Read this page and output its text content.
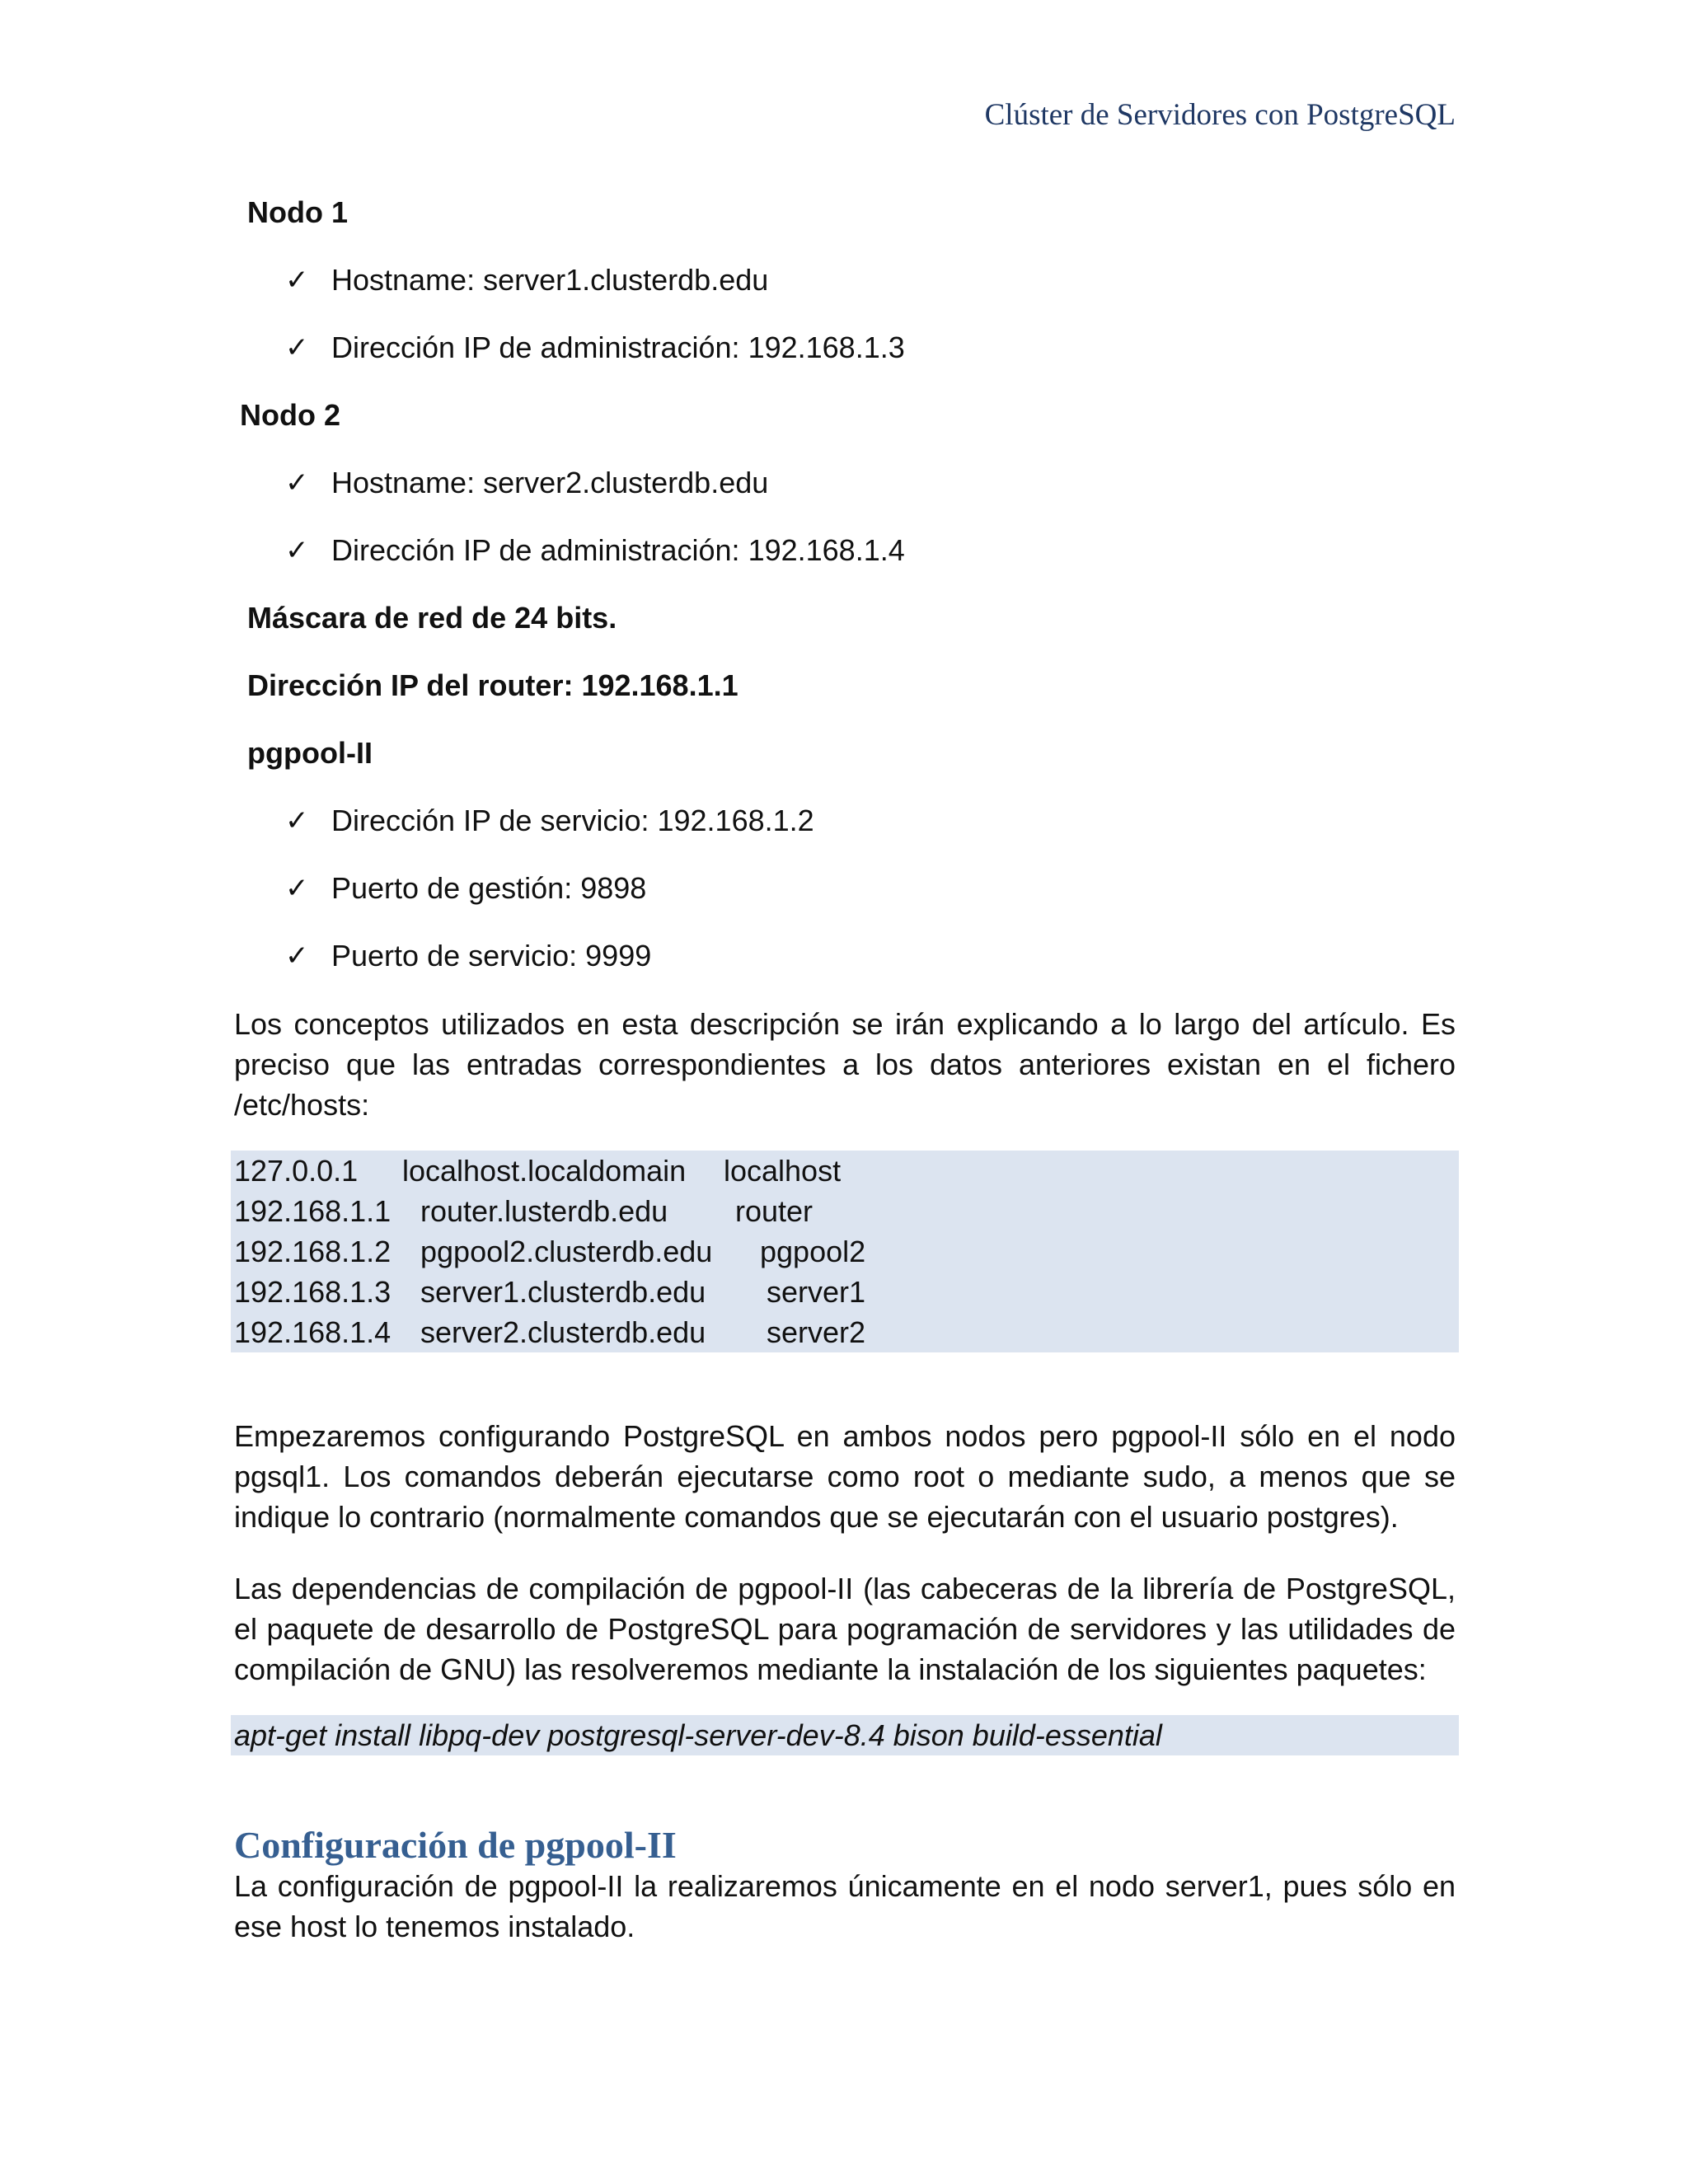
Clúster de Servidores con PostgreSQL
Nodo 1
✓ Hostname: server1.clusterdb.edu
✓ Dirección IP de administración: 192.168.1.3
Nodo 2
✓ Hostname: server2.clusterdb.edu
✓ Dirección IP de administración: 192.168.1.4
Máscara de red de 24 bits.
Dirección IP del router: 192.168.1.1
pgpool-II
✓ Dirección IP de servicio: 192.168.1.2
✓ Puerto de gestión: 9898
✓ Puerto de servicio: 9999
Los conceptos utilizados en esta descripción se irán explicando a lo largo del artículo. Es
preciso que las entradas correspondientes a los datos anteriores existan en el fichero
/etc/hosts:
127.0.0.1 localhost.localdomain localhost
192.168.1.1 router.lusterdb.edu router
192.168.1.2 pgpool2.clusterdb.edu pgpool2
192.168.1.3 server1.clusterdb.edu server1
192.168.1.4 server2.clusterdb.edu server2
Empezaremos configurando PostgreSQL en ambos nodos pero pgpool-II sólo en el nodo
pgsql1. Los comandos deberán ejecutarse como root o mediante sudo, a menos que se
indique lo contrario (normalmente comandos que se ejecutarán con el usuario postgres).
Las dependencias de compilación de pgpool-II (las cabeceras de la librería de PostgreSQL,
el paquete de desarrollo de PostgreSQL para pogramación de servidores y las utilidades de
compilación de GNU) las resolveremos mediante la instalación de los siguientes paquetes:
apt-get install libpq-dev postgresql-server-dev-8.4 bison build-essential
Configuración de pgpool-II
La configuración de pgpool-II la realizaremos únicamente en el nodo server1, pues sólo en
ese host lo tenemos instalado.
